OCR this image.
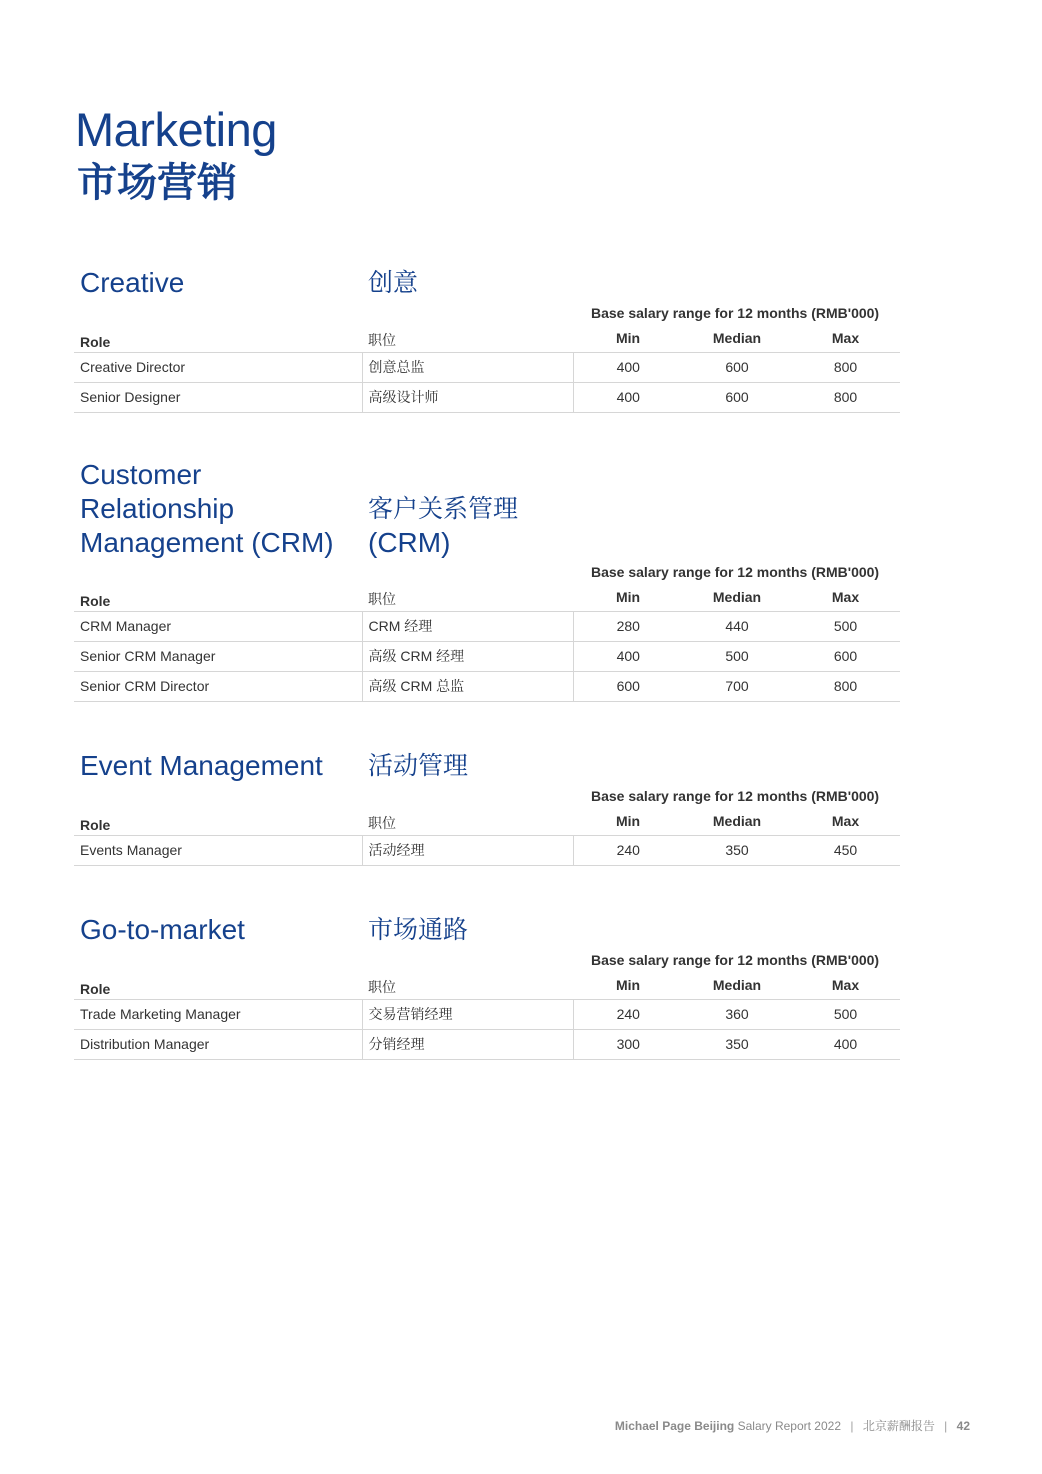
Marketing
市场营销
Creative	创意
Base salary range for 12 months (RMB'000)
Role	职位	Min	Median	Max
Creative Director	创意总监	400	600	800
Senior Designer	高级设计师	400	600	800
Customer
Relationship
Management (CRM)
客户关系管理
(CRM)
Base salary range for 12 months (RMB'000)
Role	职位	Min	Median	Max
CRM Manager	CRM 经理	280	440	500
Senior CRM Manager	高级 CRM 经理	400	500	600
Senior CRM Director	高级 CRM 总监	600	700	800
Event Management 活动管理
Base salary range for 12 months (RMB'000)
Role	职位	Min	Median	Max
Events Manager	活动经理	240	350	450
Go-to-market	市场通路
Base salary range for 12 months (RMB'000)
Role	职位	Min	Median	Max
Trade Marketing Manager	交易营销经理	240	360	500
Distribution Manager	分销经理	300	350	400
Michael Page Beijing Salary Report 2022 | 北京薪酬报告 | 42
